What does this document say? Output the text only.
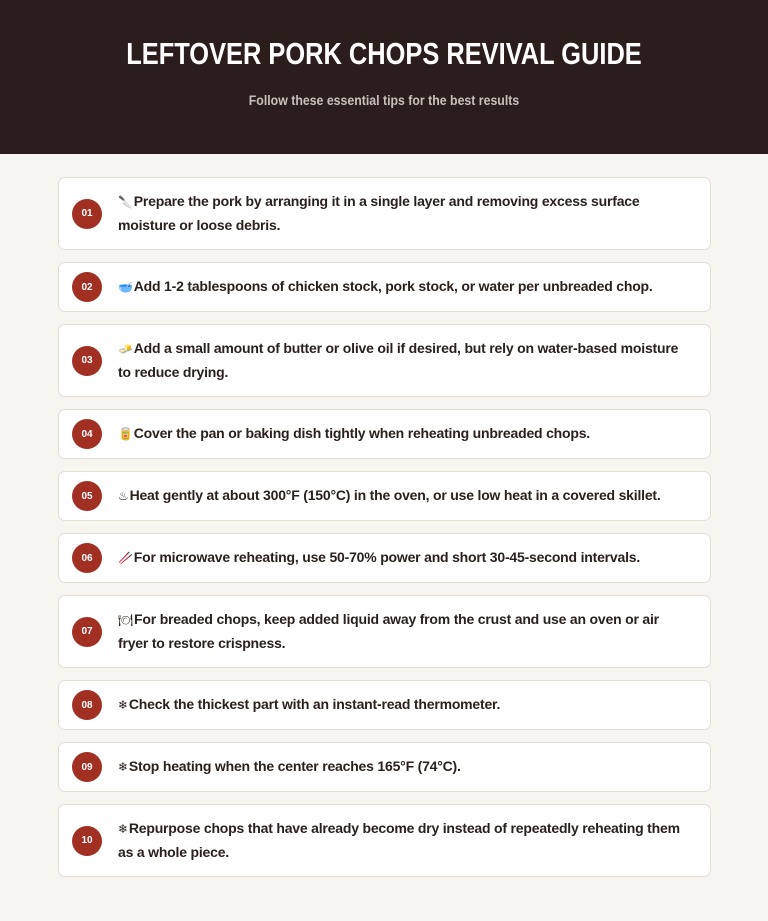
LEFTOVER PORK CHOPS REVIVAL GUIDE
Follow these essential tips for the best results
01
🔪Prepare the pork by arranging it in a single layer and removing excess surface moisture or loose debris.
02	🥣Add 1-2 tablespoons of chicken stock, pork stock, or water per unbreaded chop.
03
🧈Add a small amount of butter or olive oil if desired, but rely on water-based moisture to reduce drying.
04	🥫Cover the pan or baking dish tightly when reheating unbreaded chops.
05	♨Heat gently at about 300°F (150°C) in the oven, or use low heat in a covered skillet.
06	🥢For microwave reheating, use 50-70% power and short 30-45-second intervals.
07
🍽For breaded chops, keep added liquid away from the crust and use an oven or air fryer to restore crispness.
08	❄Check the thickest part with an instant-read thermometer.
09	❄Stop heating when the center reaches 165°F (74°C).
10
❄Repurpose chops that have already become dry instead of repeatedly reheating them as a whole piece.
